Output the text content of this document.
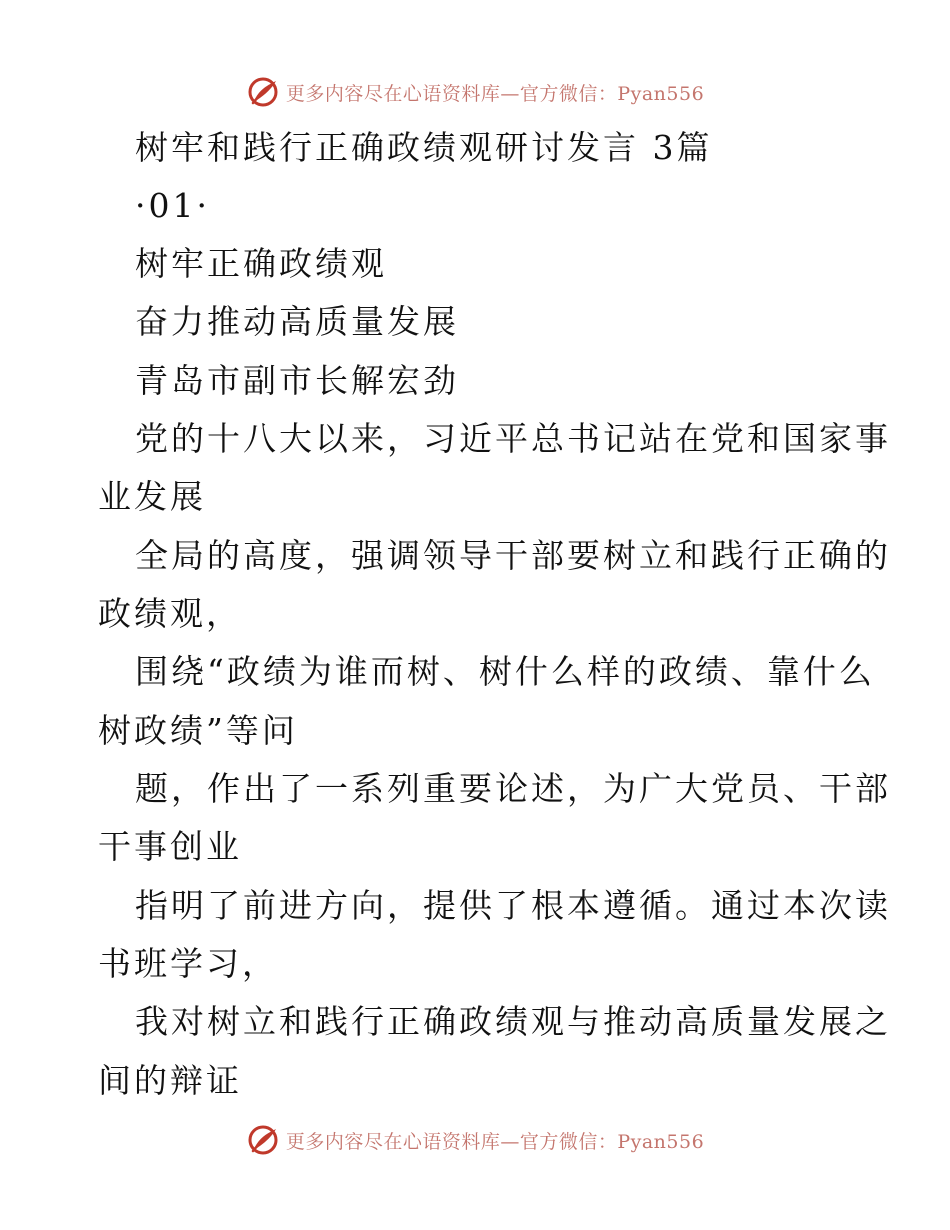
更多内容尽在心语资料库—官方微信：Pyan556
树牢和践行正确政绩观研讨发言 3篇
·01·
树牢正确政绩观
奋力推动高质量发展
青岛市副市长解宏劲
党的十八大以来，习近平总书记站在党和国家事
业发展
全局的高度，强调领导干部要树立和践行正确的
政绩观，
围绕“政绩为谁而树、树什么样的政绩、靠什么
树政绩”等问
题，作出了一系列重要论述，为广大党员、干部
干事创业
指明了前进方向，提供了根本遵循。通过本次读
书班学习，
我对树立和践行正确政绩观与推动高质量发展之
间的辩证
更多内容尽在心语资料库—官方微信：Pyan556
